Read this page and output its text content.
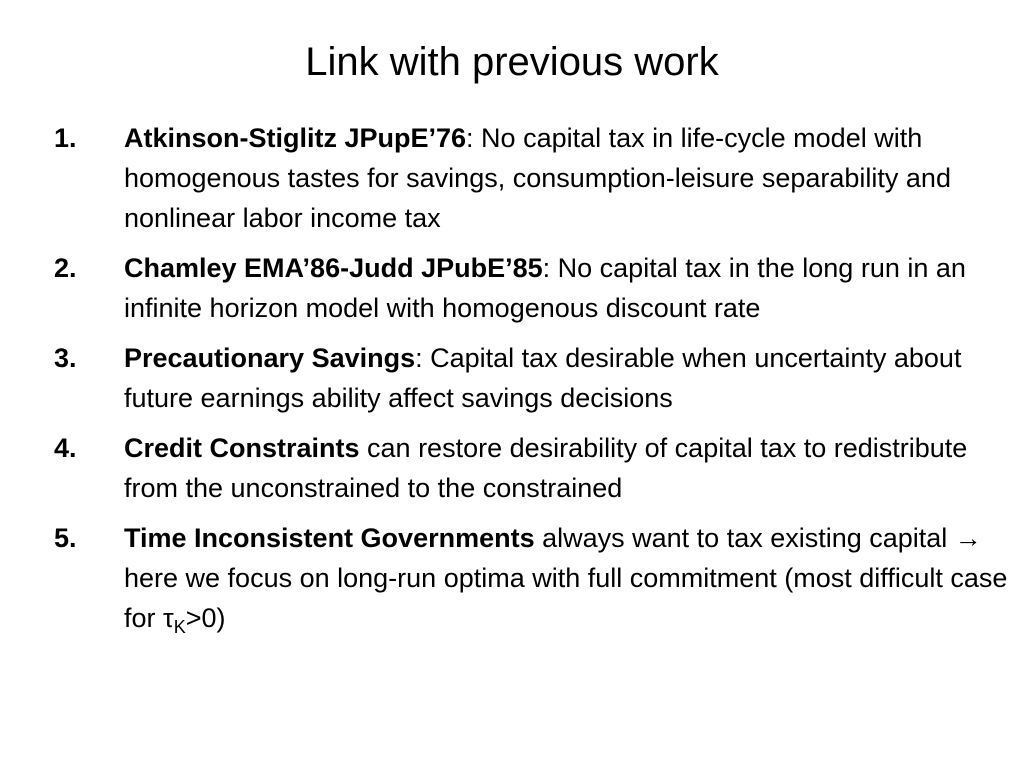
Link with previous work
1. Atkinson-Stiglitz JPupE’76: No capital tax in life-cycle model with homogenous tastes for savings, consumption-leisure separability and nonlinear labor income tax
2. Chamley EMA’86-Judd JPubE’85: No capital tax in the long run in an infinite horizon model with homogenous discount rate
3. Precautionary Savings: Capital tax desirable when uncertainty about future earnings ability affect savings decisions
4. Credit Constraints can restore desirability of capital tax to redistribute from the unconstrained to the constrained
5. Time Inconsistent Governments always want to tax existing capital → here we focus on long-run optima with full commitment (most difficult case for $\tau_K>0$)
